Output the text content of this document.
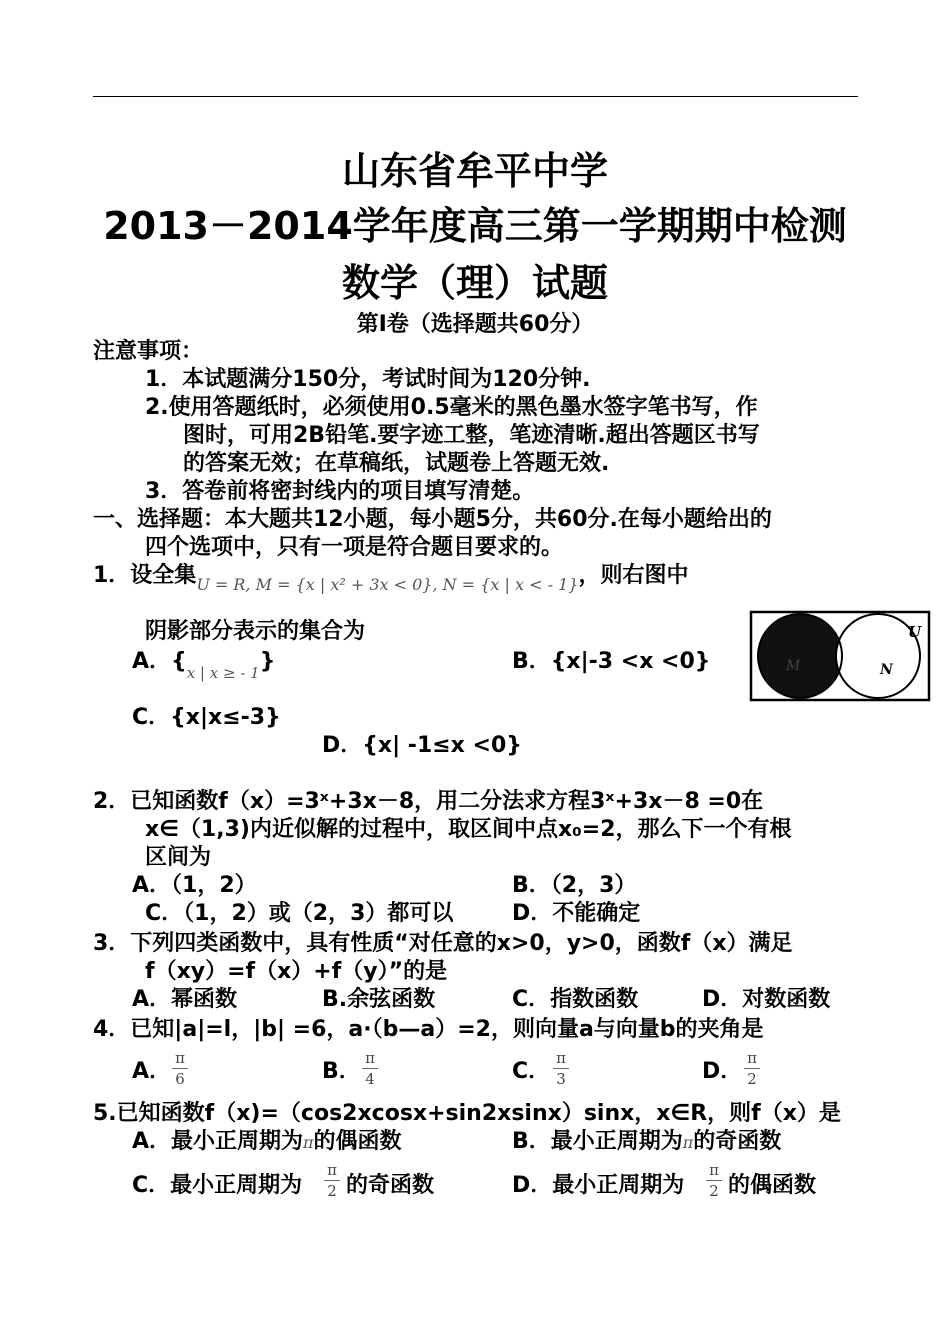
山东省牟平中学
2013－2014学年度高三第一学期期中检测
数学（理）试题
第Ⅰ卷（选择题共60分）
注意事项：
1．本试题满分150分，考试时间为120分钟.
2.使用答题纸时，必须使用0.5毫米的黑色墨水签字笔书写，作
图时，可用2B铅笔.要字迹工整，笔迹清晰.超出答题区书写
的答案无效；在草稿纸，试题卷上答题无效.
3．答卷前将密封线内的项目填写清楚。
一、选择题：本大题共12小题，每小题5分，共60分.在每小题给出的
四个选项中，只有一项是符合题目要求的。
1．设全集$_{U = R, M = \{x | x^2 + 3x < 0\}, N = \{x | x < - 1\}}$，则右图中
阴影部分表示的集合为
A．$\{_{x | x \ge - 1}\}$	B．{x|-3 <x <0}
C．{x|x≤-3}
D．{x| -1≤x <0}
U
M	N
2．已知函数f（x）=3ˣ+3x－8，用二分法求方程3ˣ+3x－8 =0在
x∈（1,3)内近似解的过程中，取区间中点x₀=2，那么下一个有根
区间为
A．（1，2）	B．（2，3）
C．（1，2）或（2，3）都可以	D．不能确定
3．下列四类函数中，具有性质“对任意的x>0，y>0，函数f（x）满足
f（xy）=f（x）+f（y）”的是
A．幂函数	B.余弦函数	C．指数函数	D．对数函数
4．已知|a|=l，|b| =6，a·（b—a）=2，则向量a与向量b的夹角是
A．
π
6	B．
π
4	C．
π
3	D．
π
2
5.已知函数f（x)=（cos2xcosx+sin2xsinx）sinx，x∈R，则f（x）是
A．最小正周期为π的偶函数	B．最小正周期为π的奇函数
C．最小正周期为
π
2 的奇函数	D．最小正周期为
π
2 的偶函数
